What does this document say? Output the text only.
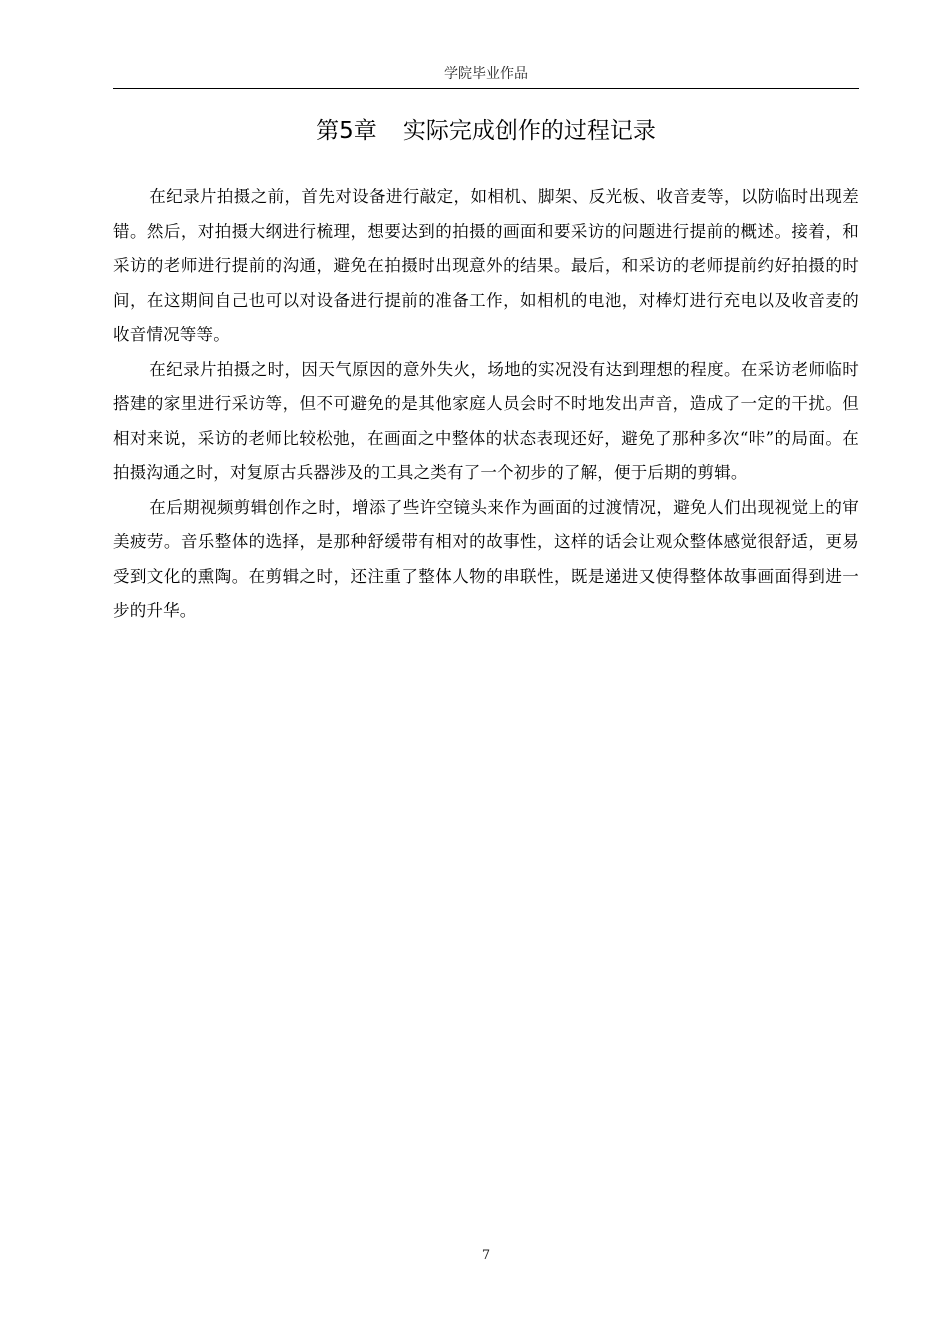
学院毕业作品
第5章 实际完成创作的过程记录

在纪录片拍摄之前，首先对设备进行敲定，如相机、脚架、反光板、收音麦等，以防临时出现差错。然后，对拍摄大纲进行梳理，想要达到的拍摄的画面和要采访的问题进行提前的概述。接着，和采访的老师进行提前的沟通，避免在拍摄时出现意外的结果。最后，和采访的老师提前约好拍摄的时间，在这期间自己也可以对设备进行提前的准备工作，如相机的电池，对棒灯进行充电以及收音麦的收音情况等等。

在纪录片拍摄之时，因天气原因的意外失火，场地的实况没有达到理想的程度。在采访老师临时搭建的家里进行采访等，但不可避免的是其他家庭人员会时不时地发出声音，造成了一定的干扰。但相对来说，采访的老师比较松弛，在画面之中整体的状态表现还好，避免了那种多次“咔”的局面。在拍摄沟通之时，对复原古兵器涉及的工具之类有了一个初步的了解，便于后期的剪辑。

在后期视频剪辑创作之时，增添了些许空镜头来作为画面的过渡情况，避免人们出现视觉上的审美疲劳。音乐整体的选择，是那种舒缓带有相对的故事性，这样的话会让观众整体感觉很舒适，更易受到文化的熏陶。在剪辑之时，还注重了整体人物的串联性，既是递进又使得整体故事画面得到进一步的升华。

7
